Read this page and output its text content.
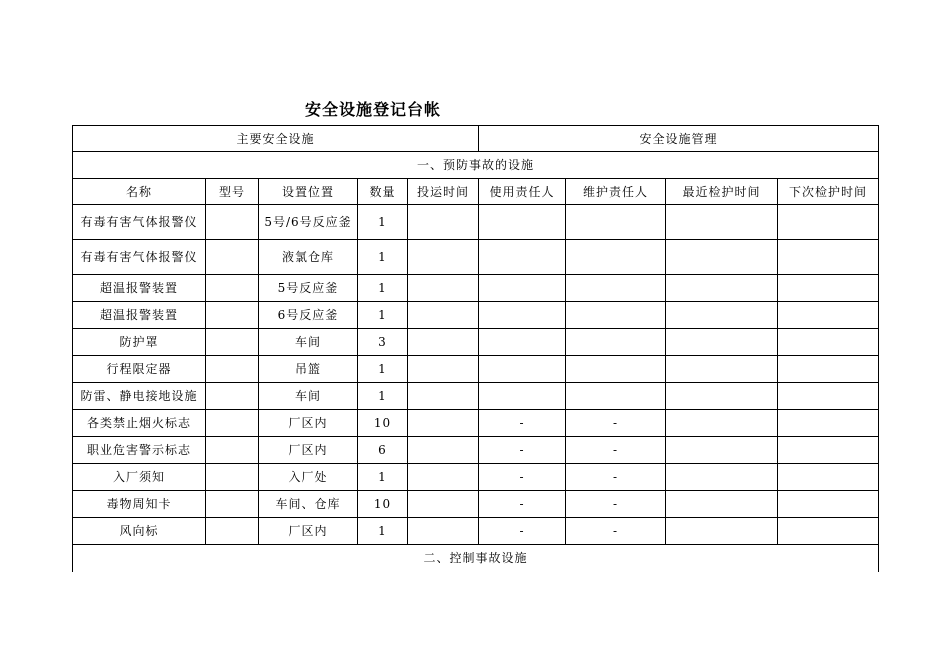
安全设施登记台帐
主要安全设施					安全设施管理			
一、预防事故的设施								
名称	型号	设置位置	数量	投运时间	使用责任人	维护责任人	最近检护时间	下次检护时间
有毒有害气体报警仪		5号/6号反应釜	1					
有毒有害气体报警仪		液氯仓库	1					
超温报警装置		5号反应釜	1					
超温报警装置		6号反应釜	1					
防护罩		车间	3					
行程限定器		吊篮	1					
防雷、静电接地设施		车间	1					
各类禁止烟火标志		厂区内	10		-	-		
职业危害警示标志		厂区内	6		-	-		
入厂须知		入厂处	1		-	-		
毒物周知卡		车间、仓库	10		-	-		
风向标		厂区内	1		-	-		
二、控制事故设施								
